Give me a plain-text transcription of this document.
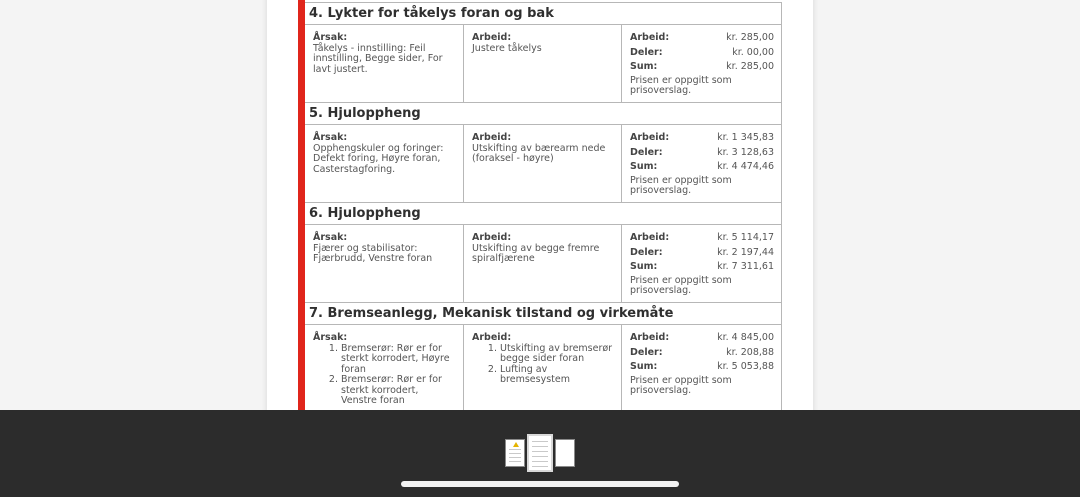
4. Lykter for tåkelys foran og bak
Årsak:
Tåkelys - innstilling: Feil innstilling, Begge sider, For lavt justert.
Arbeid:
Justere tåkelys
Arbeid:	kr. 285,00
Deler:	kr. 00,00
Sum:	kr. 285,00
Prisen er oppgitt som prisoverslag.
5. Hjuloppheng
Årsak:
Opphengskuler og foringer: Defekt foring, Høyre foran, Casterstagforing.
Arbeid:
Utskifting av bærearm nede (foraksel - høyre)
Arbeid:	kr. 1 345,83
Deler:	kr. 3 128,63
Sum:	kr. 4 474,46
Prisen er oppgitt som prisoverslag.
6. Hjuloppheng
Årsak:
Fjærer og stabilisator: Fjærbrudd, Venstre foran
Arbeid:
Utskifting av begge fremre spiralfjærene
Arbeid:	kr. 5 114,17
Deler:	kr. 2 197,44
Sum:	kr. 7 311,61
Prisen er oppgitt som prisoverslag.
7. Bremseanlegg, Mekanisk tilstand og virkemåte
Årsak:
1. Bremserør: Rør er for sterkt korrodert, Høyre foran
2. Bremserør: Rør er for sterkt korrodert, Venstre foran
Arbeid:
1. Utskifting av bremserør begge sider foran
2. Lufting av bremsesystem
Arbeid:	kr. 4 845,00
Deler:	kr. 208,88
Sum:	kr. 5 053,88
Prisen er oppgitt som prisoverslag.
